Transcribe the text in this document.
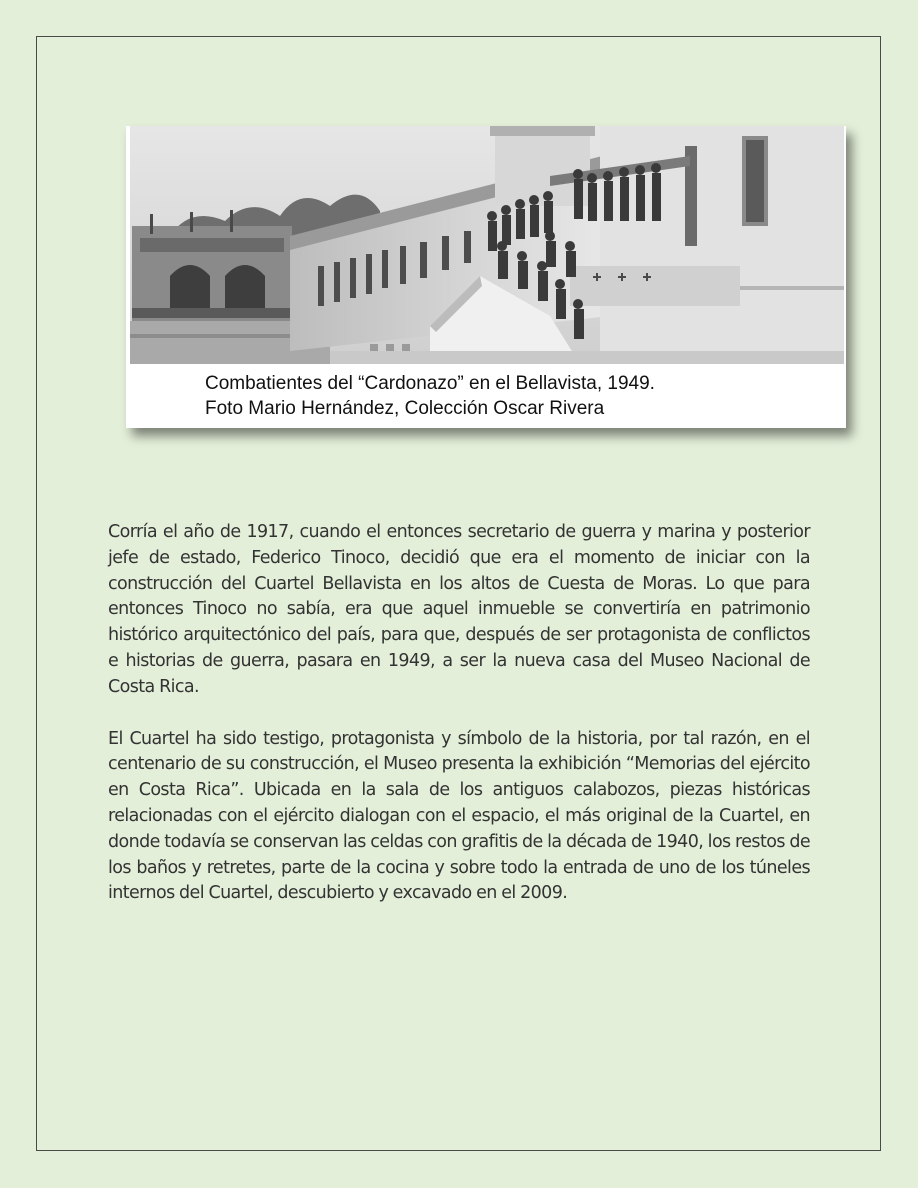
Combatientes del “Cardonazo” en el Bellavista, 1949.
Foto Mario Hernández, Colección Oscar Rivera

Corría el año de 1917, cuando el entonces secretario de guerra y marina y posterior jefe de estado, Federico Tinoco, decidió que era el momento de iniciar con la construcción del Cuartel Bellavista en los altos de Cuesta de Moras. Lo que para entonces Tinoco no sabía, era que aquel inmueble se convertiría en patrimonio histórico arquitectónico del país, para que, después de ser protagonista de conflictos e historias de guerra, pasara en 1949, a ser la nueva casa del Museo Nacional de Costa Rica.

El Cuartel ha sido testigo, protagonista y símbolo de la historia, por tal razón, en el centenario de su construcción, el Museo presenta la exhibición “Memorias del ejército en Costa Rica”. Ubicada en la sala de los antiguos calabozos, piezas históricas relacionadas con el ejército dialogan con el espacio, el más original de la Cuartel, en donde todavía se conservan las celdas con grafitis de la década de 1940, los restos de los baños y retretes, parte de la cocina y sobre todo la entrada de uno de los túneles internos del Cuartel, descubierto y excavado en el 2009.
